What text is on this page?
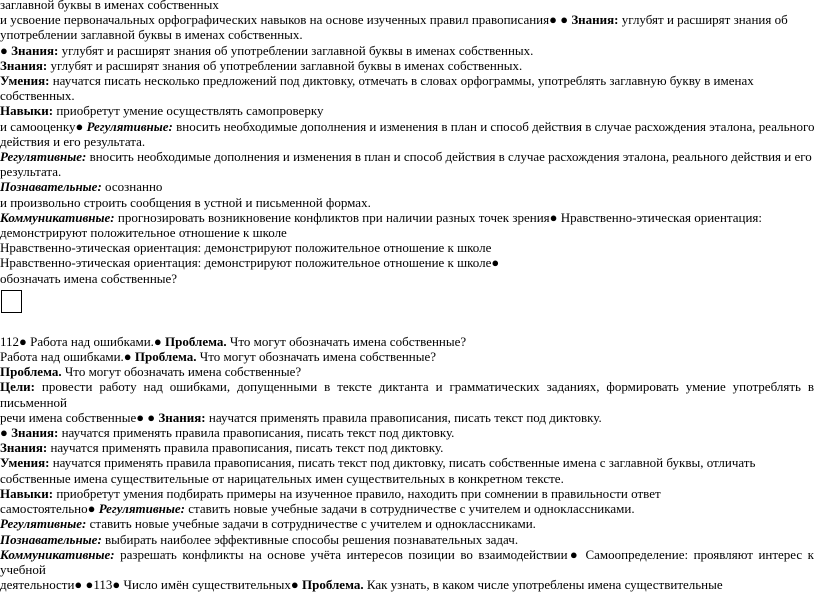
заглавной буквы в именах собственных
и усвоение первоначальных орфографических навыков на основе изученных правил правописания● ● Знания: углубят и расширят знания об
употреблении заглавной буквы в именах собственных.
● Знания: углубят и расширят знания об употреблении заглавной буквы в именах собственных.
Знания: углубят и расширят знания об употреблении заглавной буквы в именах собственных.
Умения: научатся писать несколько предложений под диктовку, отмечать в словах орфограммы, употреблять заглавную букву в именах
собственных.
Навыки: приобретут умение осуществлять самопроверку
и самооценку● Регулятивные: вносить необходимые дополнения и изменения в план и способ действия в случае расхождения эталона, реального
действия и его результата.
Регулятивные: вносить необходимые дополнения и изменения в план и способ действия в случае расхождения эталона, реального действия и его
результата.
Познавательные: осознанно
и произвольно строить сообщения в устной и письменной формах.
Коммуникативные: прогнозировать возникновение конфликтов при наличии разных точек зрения● Нравственно-этическая ориентация:
демонстрируют положительное отношение к школе
Нравственно-этическая ориентация: демонстрируют положительное отношение к школе
Нравственно-этическая ориентация: демонстрируют положительное отношение к школе●
обозначать имена собственные?
112● Работа над ошибками.● Проблема. Что могут обозначать имена собственные?
Работа над ошибками.● Проблема. Что могут обозначать имена собственные?
Проблема. Что могут обозначать имена собственные?
Цели: провести работу над ошибками, допущенными в тексте диктанта и грамматических заданиях, формировать умение употреблять в письменной
речи имена собственные● ● Знания: научатся применять правила правописания, писать текст под диктовку.
● Знания: научатся применять правила правописания, писать текст под диктовку.
Знания: научатся применять правила правописания, писать текст под диктовку.
Умения: научатся применять правила правописания, писать текст под диктовку, писать собственные имена с заглавной буквы, отличать
собственные имена существительные от нарицательных имен существительных в конкретном тексте.
Навыки: приобретут умения подбирать примеры на изученное правило, находить при сомнении в правильности ответ
самостоятельно● Регулятивные: ставить новые учебные задачи в сотрудничестве с учителем и одноклассниками.
Регулятивные: ставить новые учебные задачи в сотрудничестве с учителем и одноклассниками.
Познавательные: выбирать наиболее эффективные способы решения познавательных задач.
Коммуникативные: разрешать конфликты на основе учёта интересов позиции во взаимодействии● Самоопределение: проявляют интерес к учебной
деятельности● ●113● Число имён существительных● Проблема. Как узнать, в каком числе употреблены имена существительные
